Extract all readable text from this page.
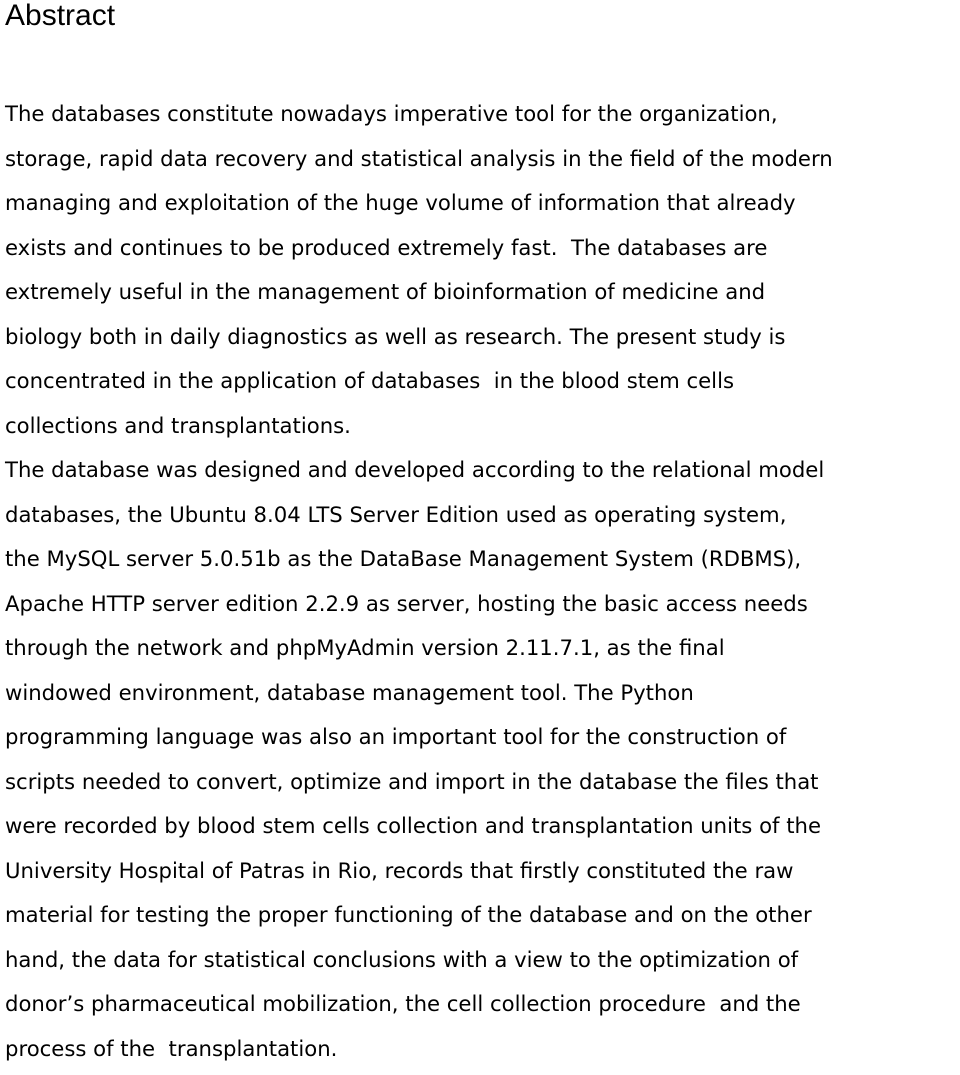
Abstract
The databases constitute nowadays imperative tool for the organization,
storage, rapid data recovery and statistical analysis in the field of the modern
managing and exploitation of the huge volume of information that already
exists and continues to be produced extremely fast.  The databases are
extremely useful in the management of bioinformation of medicine and
biology both in daily diagnostics as well as research. The present study is
concentrated in the application of databases  in the blood stem cells
collections and transplantations.
The database was designed and developed according to the relational model
databases, the Ubuntu 8.04 LTS Server Edition used as operating system,
the MySQL server 5.0.51b as the DataBase Management System (RDBMS),
Apache HTTP server edition 2.2.9 as server, hosting the basic access needs
through the network and phpMyAdmin version 2.11.7.1, as the final
windowed environment, database management tool. The Python
programming language was also an important tool for the construction of
scripts needed to convert, optimize and import in the database the files that
were recorded by blood stem cells collection and transplantation units of the
University Hospital of Patras in Rio, records that firstly constituted the raw
material for testing the proper functioning of the database and on the other
hand, the data for statistical conclusions with a view to the optimization of
donor’s pharmaceutical mobilization, the cell collection procedure  and the
process of the  transplantation.
